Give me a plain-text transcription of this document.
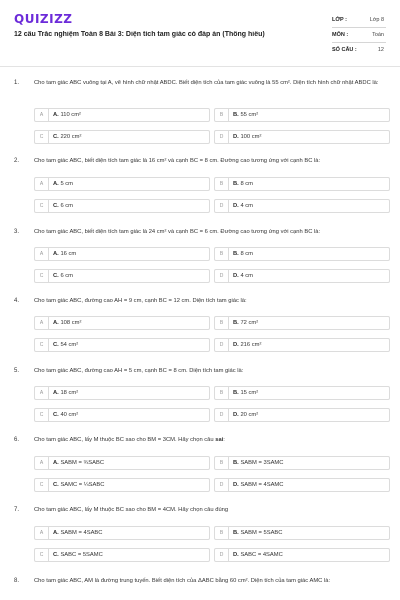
QUIZIZZ
12 câu Trắc nghiệm Toán 8 Bài 3: Diện tích tam giác có đáp án (Thông hiểu)
LỚP :	Lớp 8
MÔN :	Toán
SỐ CÂU :	12
1.	Cho tam giác ABC vuông tại A, vẽ hình chữ nhật ABDC. Biết diện tích của tam giác vuông là 55 cm². Diện tích hình chữ nhật ABDC là:
A	A. 110 cm²	B	B. 55 cm²
C	C. 220 cm²	D	D. 100 cm²
2.	Cho tam giác ABC, biết diện tích tam giác là 16 cm² và cạnh BC = 8 cm. Đường cao tương ứng với cạnh BC là:
A	A. 5 cm	B	B. 8 cm
C	C. 6 cm	D	D. 4 cm
3.	Cho tam giác ABC, biết diện tích tam giác là 24 cm² và cạnh BC = 6 cm. Đường cao tương ứng với cạnh BC là:
A	A. 16 cm	B	B. 8 cm
C	C. 6 cm	D	D. 4 cm
4.	Cho tam giác ABC, đường cao AH = 9 cm, cạnh BC = 12 cm. Diện tích tam giác là:
A	A. 108 cm²	B	B. 72 cm²
C	C. 54 cm²	D	D. 216 cm²
5.	Cho tam giác ABC, đường cao AH = 5 cm, cạnh BC = 8 cm. Diện tích tam giác là:
A	A. 18 cm²	B	B. 15 cm²
C	C. 40 cm²	D	D. 20 cm²
6.	Cho tam giác ABC, lấy M thuộc BC sao cho BM = 3CM. Hãy chọn câu sai:
A	A. SABM = ¾SABC	B	B. SABM = 3SAMC
C	C. SAMC = ¼SABC	D	D. SABM = 4SAMC
7.	Cho tam giác ABC, lấy M thuộc BC sao cho BM = 4CM. Hãy chọn câu đúng
A	A. SABM = 4SABC	B	B. SABM = 5SABC
C	C. SABC = 5SAMC	D	D. SABC = 4SAMC
8.	Cho tam giác ABC, AM là đường trung tuyến. Biết diện tích của ΔABC bằng 60 cm². Diện tích của tam giác AMC là:
